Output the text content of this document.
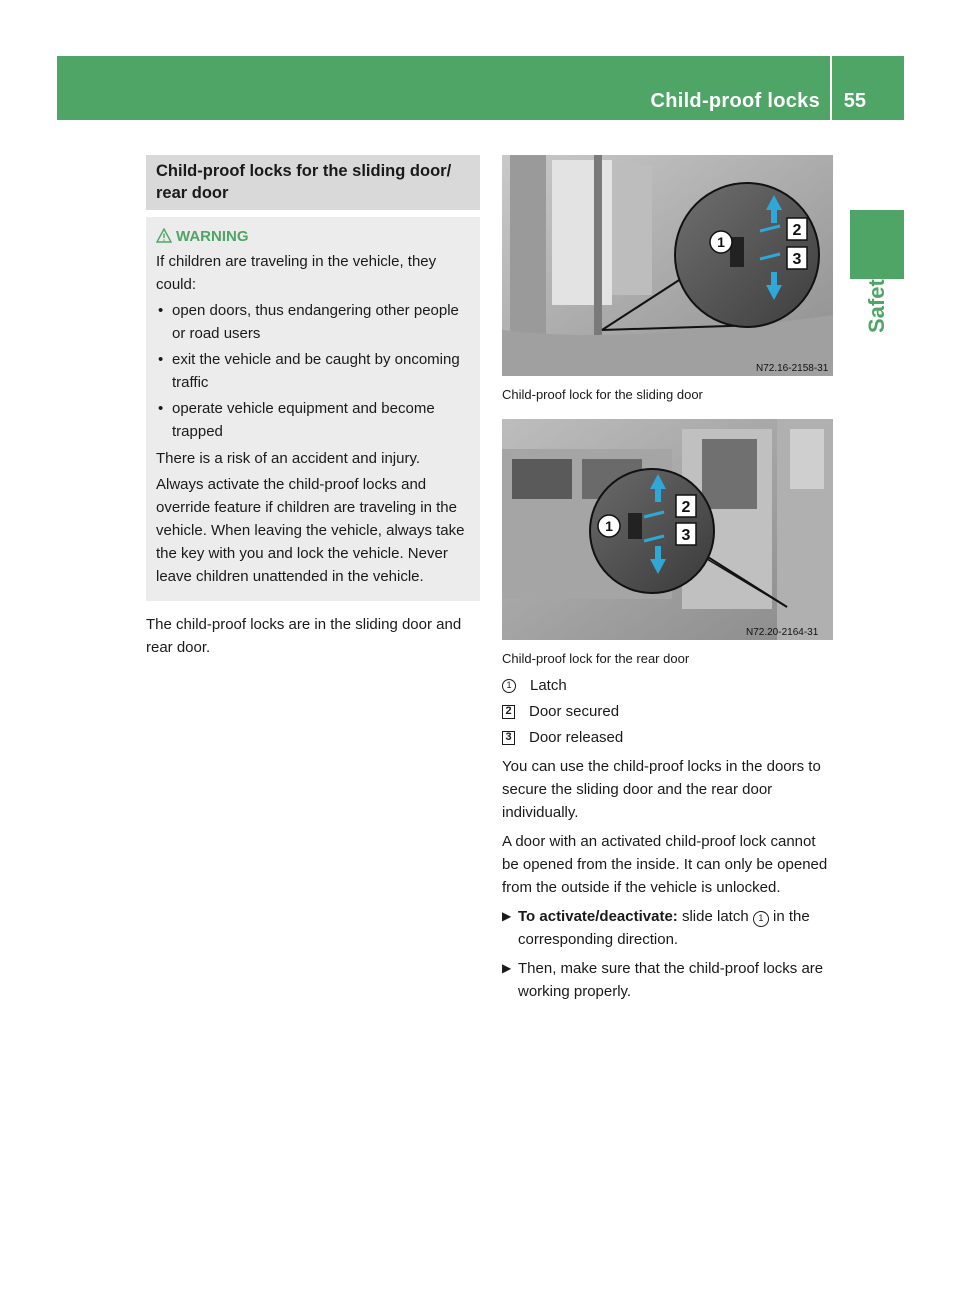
Child-proof locks 55
Safety
Child-proof locks for the sliding door/ rear door
WARNING

If children are traveling in the vehicle, they could:

• open doors, thus endangering other people or road users
• exit the vehicle and be caught by oncoming traffic
• operate vehicle equipment and become trapped

There is a risk of an accident and injury.

Always activate the child-proof locks and override feature if children are traveling in the vehicle. When leaving the vehicle, always take the key with you and lock the vehicle. Never leave children unattended in the vehicle.

The child-proof locks are in the sliding door and rear door.

1
2
3
N72.16-2158-31
Child-proof lock for the sliding door
1
2
3
N72.20-2164-31
Child-proof lock for the rear door
1	Latch
2 Door secured
3 Door released

You can use the child-proof locks in the doors to secure the sliding door and the rear door individually.

A door with an activated child-proof lock cannot be opened from the inside. It can only be opened from the outside if the vehicle is unlocked.

▶ To activate/deactivate: slide latch 1 in the corresponding direction.
▶ Then, make sure that the child-proof locks are working properly.
